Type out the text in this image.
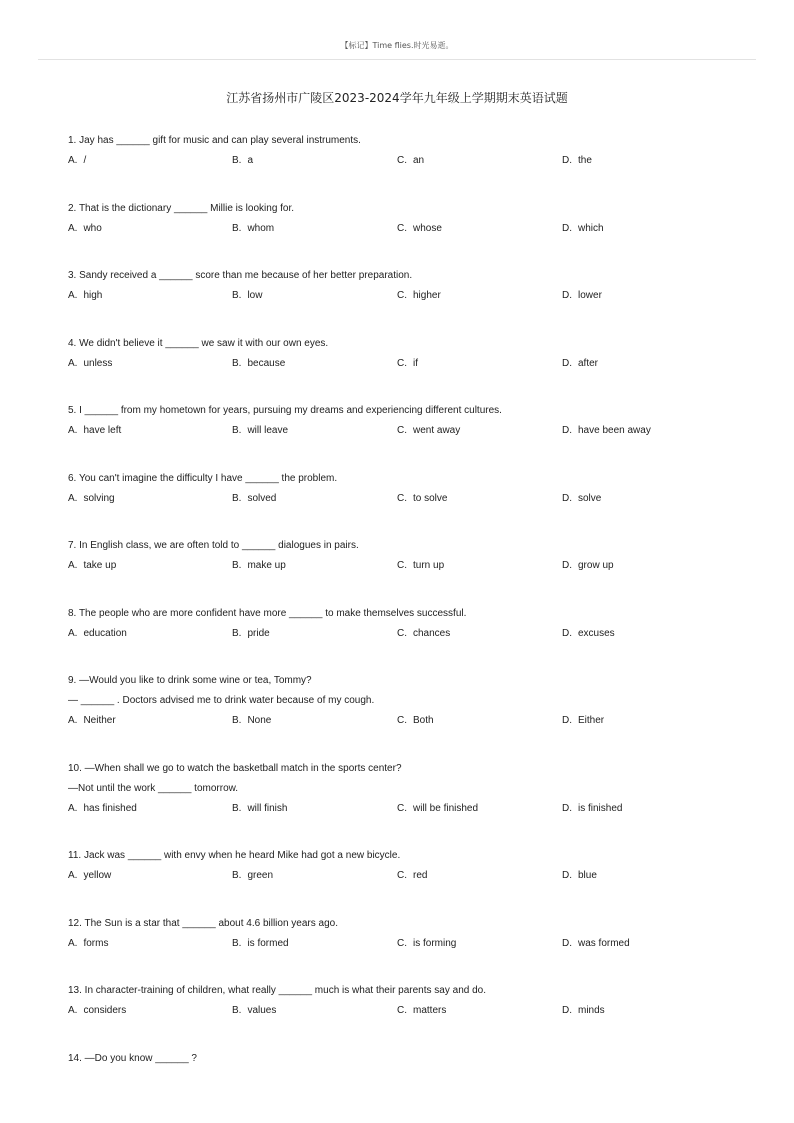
【标记】Time flies.时光易逝。
江苏省扬州市广陵区2023-2024学年九年级上学期期末英语试题
1. Jay has ______ gift for music and can play several instruments.
A. /	B. a	C. an	D. the
2. That is the dictionary ______ Millie is looking for.
A. who	B. whom	C. whose	D. which
3. Sandy received a ______ score than me because of her better preparation.
A. high	B. low	C. higher	D. lower
4. We didn't believe it ______ we saw it with our own eyes.
A. unless	B. because	C. if	D. after
5. I ______ from my hometown for years, pursuing my dreams and experiencing different cultures.
A. have left	B. will leave	C. went away	D. have been away
6. You can't imagine the difficulty I have ______ the problem.
A. solving	B. solved	C. to solve	D. solve
7. In English class, we are often told to ______ dialogues in pairs.
A. take up	B. make up	C. turn up	D. grow up
8. The people who are more confident have more ______ to make themselves successful.
A. education	B. pride	C. chances	D. excuses
9. —Would you like to drink some wine or tea, Tommy?
— ______ . Doctors advised me to drink water because of my cough.
A. Neither	B. None	C. Both	D. Either
10. —When shall we go to watch the basketball match in the sports center?
—Not until the work ______ tomorrow.
A. has finished	B. will finish	C. will be finished	D. is finished
11. Jack was ______ with envy when he heard Mike had got a new bicycle.
A. yellow	B. green	C. red	D. blue
12. The Sun is a star that ______ about 4.6 billion years ago.
A. forms	B. is formed	C. is forming	D. was formed
13. In character-training of children, what really ______ much is what their parents say and do.
A. considers	B. values	C. matters	D. minds
14. —Do you know ______ ?
